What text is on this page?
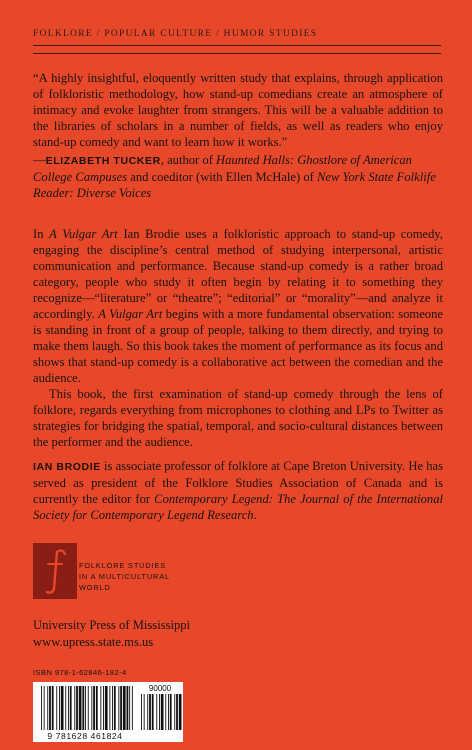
FOLKLORE / POPULAR CULTURE / HUMOR STUDIES
“A highly insightful, eloquently written study that explains, through application of folkloristic methodology, how stand-up comedians create an atmosphere of intimacy and evoke laughter from strangers. This will be a valuable addition to the libraries of scholars in a number of fields, as well as readers who enjoy stand-up comedy and want to learn how it works.”
—ELIZABETH TUCKER, author of Haunted Halls: Ghostlore of American College Campuses and coeditor (with Ellen McHale) of New York State Folklife Reader: Diverse Voices

In A Vulgar Art Ian Brodie uses a folkloristic approach to stand-up comedy, engaging the discipline’s central method of studying interpersonal, artistic communication and performance. Because stand-up comedy is a rather broad category, people who study it often begin by relating it to something they recognize—“literature” or “theatre”; “editorial” or “morality”—and analyze it accordingly. A Vulgar Art begins with a more fundamental observation: someone is standing in front of a group of people, talking to them directly, and trying to make them laugh. So this book takes the moment of performance as its focus and shows that stand-up comedy is a collaborative act between the comedian and the audience.

This book, the first examination of stand-up comedy through the lens of folklore, regards everything from microphones to clothing and LPs to Twitter as strategies for bridging the spatial, temporal, and socio-cultural distances between the performer and the audience.

IAN BRODIE is associate professor of folklore at Cape Breton University. He has served as president of the Folklore Studies Association of Canada and is currently the editor for Contemporary Legend: The Journal of the International Society for Contemporary Legend Research.
FOLKLORE STUDIES
IN A MULTICULTURAL
WORLD
University Press of Mississippi
www.upress.state.ms.us
ISBN 978-1-62846-182-4
90000
9 781628 461824
